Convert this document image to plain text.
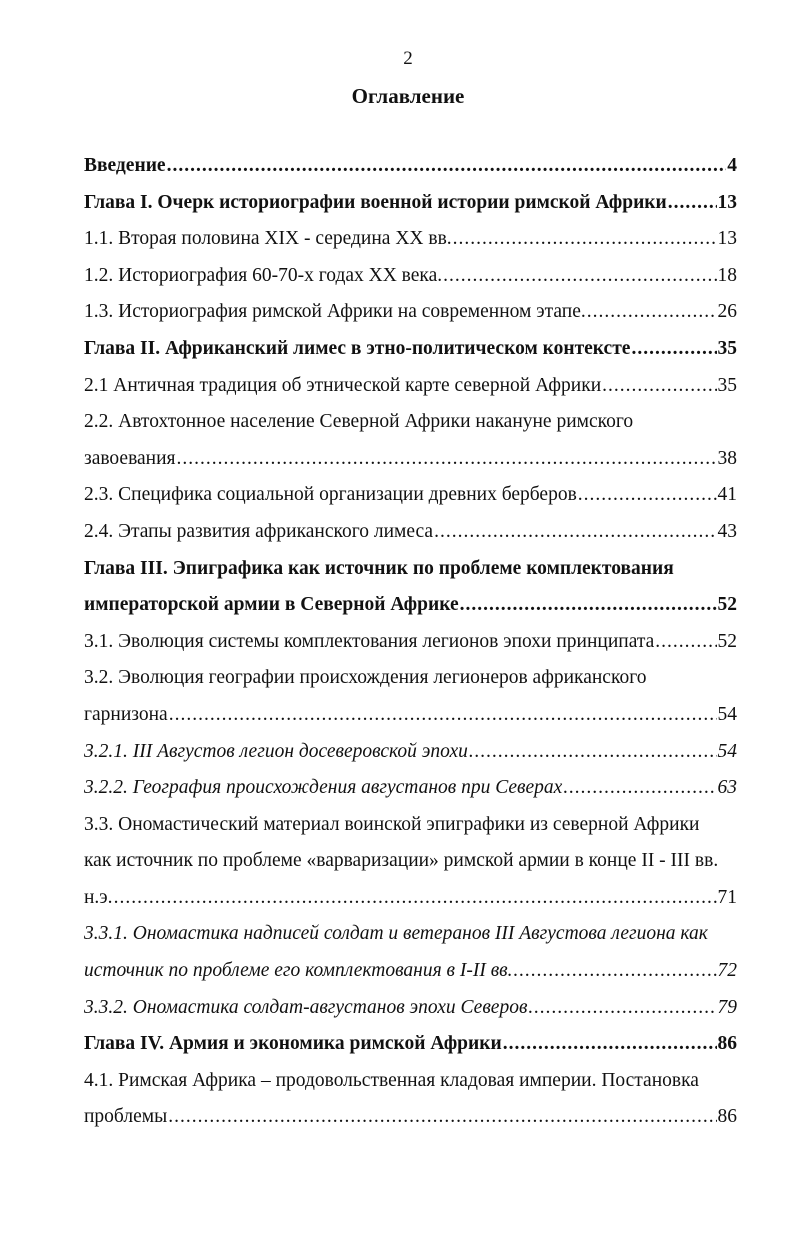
2
Оглавление
Введение .....	4
Глава I. Очерк историографии военной истории римской Африки .....	13
1.1. Вторая половина XIX - середина XX вв. .....	13
1.2. Историография 60-70-х годах XX века. .....	18
1.3. Историография римской Африки на современном этапе. .....	26
Глава II. Африканский лимес в этно-политическом контексте .....	35
2.1 Античная традиция об этнической карте северной Африки .....	35
2.2. Автохтонное население Северной Африки накануне римского
завоевания .....	38
2.3. Специфика социальной организации древних берберов .....	41
2.4. Этапы развития африканского лимеса .....	43
Глава III. Эпиграфика как источник по проблеме комплектования
императорской армии в Северной Африке .....	52
3.1. Эволюция системы комплектования легионов эпохи принципата .....	52
3.2. Эволюция географии происхождения легионеров африканского
гарнизона .....	54
3.2.1. III Августов легион досеверовской эпохи .....	54
3.2.2. География происхождения августанов при Северах .....	63
3.3. Ономастический материал воинской эпиграфики из северной Африки
как источник по проблеме «варваризации» римской армии в конце II - III вв.
н.э. .....	71
3.3.1. Ономастика надписей солдат и ветеранов III Августова легиона как
источник по проблеме его комплектования в I-II вв. .....	72
3.3.2. Ономастика солдат-августанов эпохи Северов .....	79
Глава IV. Армия и экономика римской Африки .....	86
4.1. Римская Африка – продовольственная кладовая империи. Постановка
проблемы .....	86
